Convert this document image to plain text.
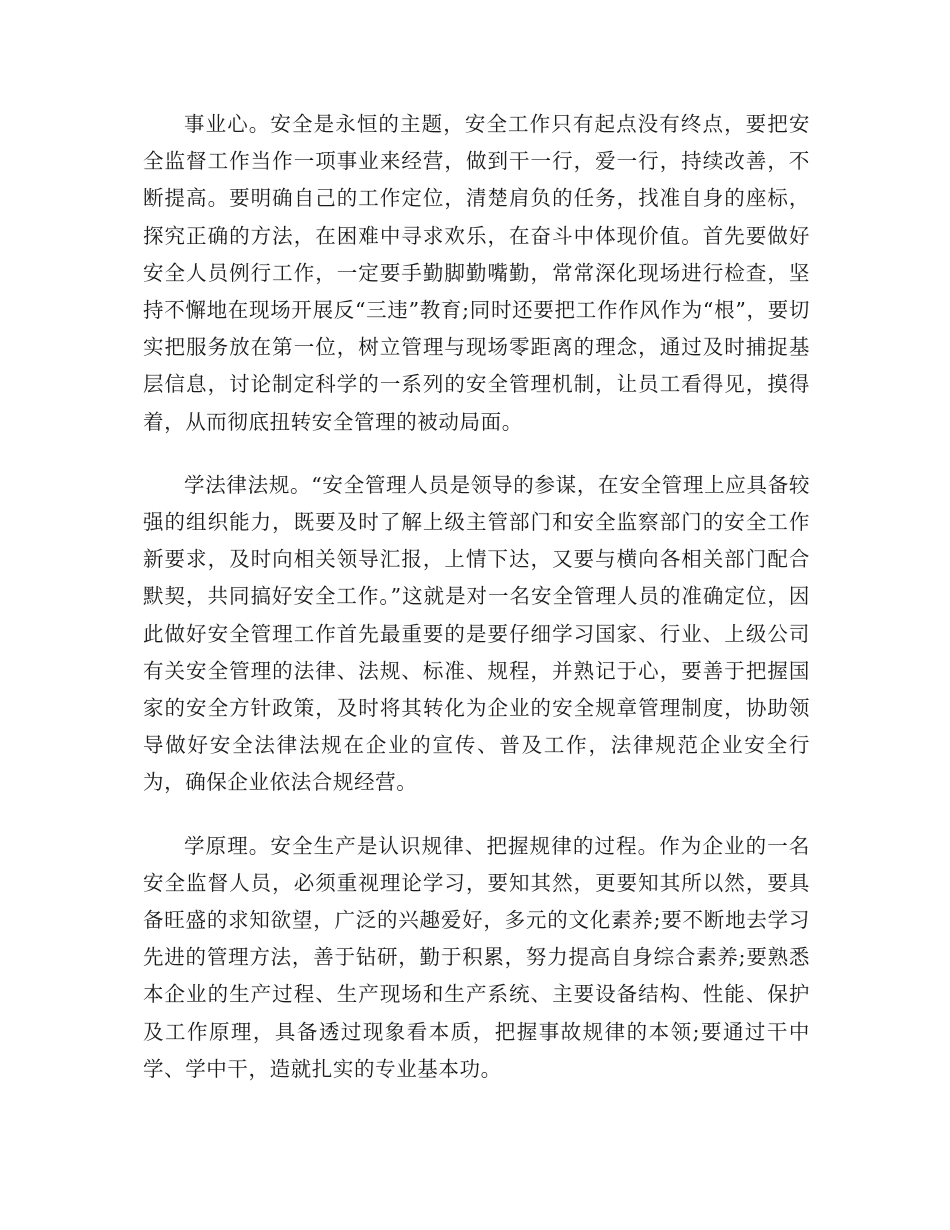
事业心。安全是永恒的主题，安全工作只有起点没有终点，要把安全监督工作当作一项事业来经营，做到干一行，爱一行，持续改善，不断提高。要明确自己的工作定位，清楚肩负的任务，找准自身的座标，探究正确的方法，在困难中寻求欢乐，在奋斗中体现价值。首先要做好安全人员例行工作，一定要手勤脚勤嘴勤，常常深化现场进行检查，坚持不懈地在现场开展反“三违”教育;同时还要把工作作风作为“根”，要切实把服务放在第一位，树立管理与现场零距离的理念，通过及时捕捉基层信息，讨论制定科学的一系列的安全管理机制，让员工看得见，摸得着，从而彻底扭转安全管理的被动局面。

学法律法规。“安全管理人员是领导的参谋，在安全管理上应具备较强的组织能力，既要及时了解上级主管部门和安全监察部门的安全工作新要求，及时向相关领导汇报，上情下达，又要与横向各相关部门配合默契，共同搞好安全工作。”这就是对一名安全管理人员的准确定位，因此做好安全管理工作首先最重要的是要仔细学习国家、行业、上级公司有关安全管理的法律、法规、标准、规程，并熟记于心，要善于把握国家的安全方针政策，及时将其转化为企业的安全规章管理制度，协助领导做好安全法律法规在企业的宣传、普及工作，法律规范企业安全行为，确保企业依法合规经营。

学原理。安全生产是认识规律、把握规律的过程。作为企业的一名安全监督人员，必须重视理论学习，要知其然，更要知其所以然，要具备旺盛的求知欲望，广泛的兴趣爱好，多元的文化素养;要不断地去学习先进的管理方法，善于钻研，勤于积累，努力提高自身综合素养;要熟悉本企业的生产过程、生产现场和生产系统、主要设备结构、性能、保护及工作原理，具备透过现象看本质，把握事故规律的本领;要通过干中学、学中干，造就扎实的专业基本功。
